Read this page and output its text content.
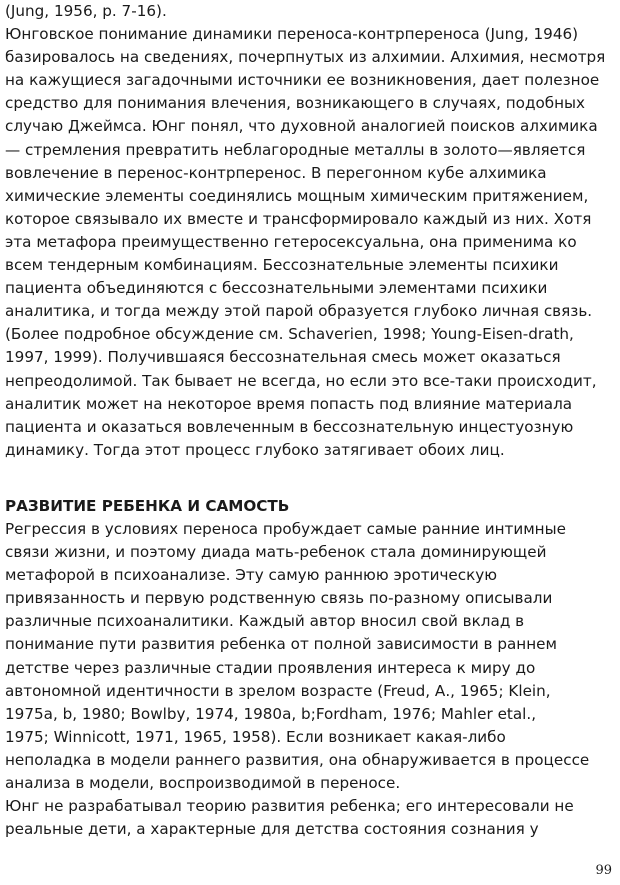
(Jung, 1956, p. 7-16).
Юнговское понимание динамики переноса-контрпереноса (Jung, 1946)
базировалось на сведениях, почерпнутых из алхимии. Алхимия, несмотря
на кажущиеся загадочными источники ее возникновения, дает полезное
средство для понимания влечения, возникающего в случаях, подобных
случаю Джеймса. Юнг понял, что духовной аналогией поисков алхимика
— стремления превратить неблагородные металлы в золото—является
вовлечение в перенос-контрперенос. В перегонном кубе алхимика
химические элементы соединялись мощным химическим притяжением,
которое связывало их вместе и трансформировало каждый из них. Хотя
эта метафора преимущественно гетеросексуальна, она применима ко
всем тендерным комбинациям. Бессознательные элементы психики
пациента объединяются с бессознательными элементами психики
аналитика, и тогда между этой парой образуется глубоко личная связь.
(Более подробное обсуждение см. Schaverien, 1998; Young-Eisen-drath,
1997, 1999). Получившаяся бессознательная смесь может оказаться
непреодолимой. Так бывает не всегда, но если это все-таки происходит,
аналитик может на некоторое время попасть под влияние материала
пациента и оказаться вовлеченным в бессознательную инцестуозную
динамику. Тогда этот процесс глубоко затягивает обоих лиц.
РАЗВИТИЕ РЕБЕНКА И САМОСТЬ
Регрессия в условиях переноса пробуждает самые ранние интимные
связи жизни, и поэтому диада мать-ребенок стала доминирующей
метафорой в психоанализе. Эту самую раннюю эротическую
привязанность и первую родственную связь по-разному описывали
различные психоаналитики. Каждый автор вносил свой вклад в
понимание пути развития ребенка от полной зависимости в раннем
детстве через различные стадии проявления интереса к миру до
автономной идентичности в зрелом возрасте (Freud, А., 1965; Klein,
1975a, b, 1980; Bowlby, 1974, 1980a, b;Fordham, 1976; Mahler etal.,
1975; Winnicott, 1971, 1965, 1958). Если возникает какая-либо
неполадка в модели раннего развития, она обнаруживается в процессе
анализа в модели, воспроизводимой в переносе.
Юнг не разрабатывал теорию развития ребенка; его интересовали не
реальные дети, а характерные для детства состояния сознания у
99
